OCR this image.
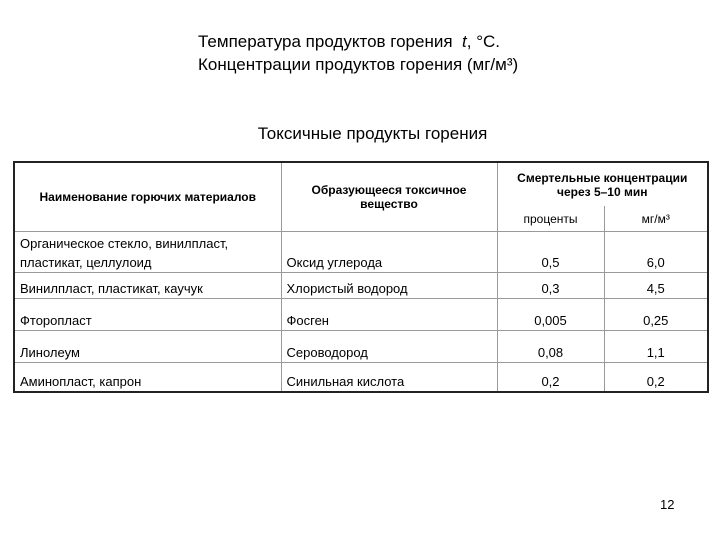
Температура продуктов горения t, °C.
Концентрации продуктов горения (мг/м³)
Токсичные продукты горения
Наименование горючих материалов	Образующееся токсичное вещество	Смертельные концентрации через 5–10 мин	
		проценты	мг/м³
Органическое стекло, винилпласт, пластикат, целлулоид	Оксид углерода	0,5	6,0
Винилпласт, пластикат, каучук	Хлористый водород	0,3	4,5
Фторопласт	Фосген	0,005	0,25
Линолеум	Сероводород	0,08	1,1
Аминопласт, капрон	Синильная кислота	0,2	0,2
12
